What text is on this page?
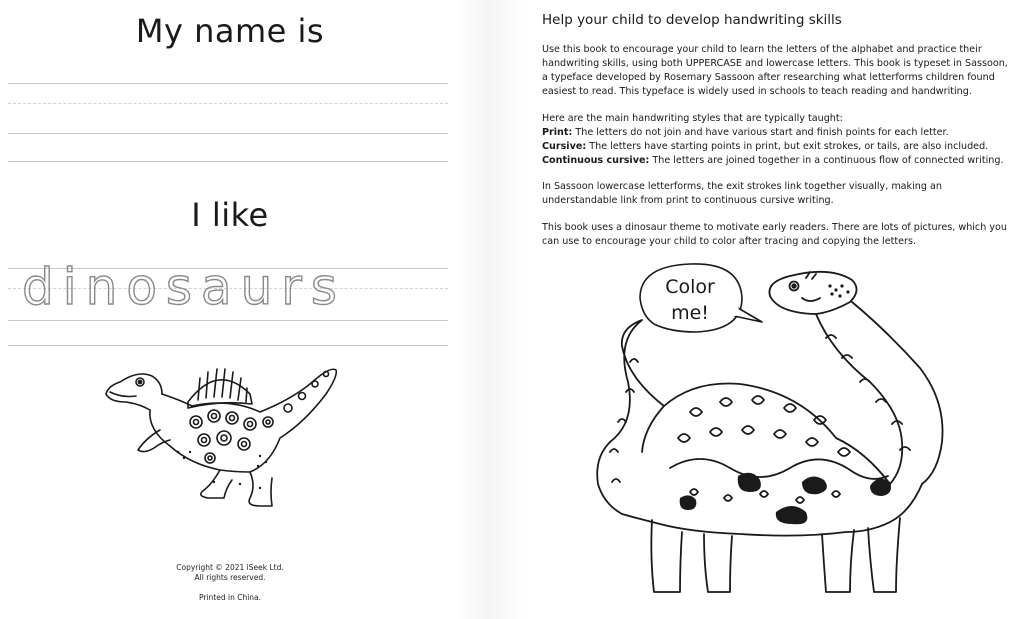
My name is
I like
dinosaurs

Copyright © 2021 iSeek Ltd.

All rights reserved.

Printed in China.

Help your child to develop handwriting skills

Use this book to encourage your child to learn the letters of the alphabet and practice their handwriting skills, using both UPPERCASE and lowercase letters. This book is typeset in Sassoon, a typeface developed by Rosemary Sassoon after researching what letterforms children found easiest to read. This typeface is widely used in schools to teach reading and handwriting.

Here are the main handwriting styles that are typically taught:

Print: The letters do not join and have various start and finish points for each letter.

Cursive: The letters have starting points in print, but exit strokes, or tails, are also included.

Continuous cursive: The letters are joined together in a continuous flow of connected writing.

In Sassoon lowercase letterforms, the exit strokes link together visually, making an understandable link from print to continuous cursive writing.

This book uses a dinosaur theme to motivate early readers. There are lots of pictures, which you can use to encourage your child to color after tracing and copying the letters.

Color
me!
